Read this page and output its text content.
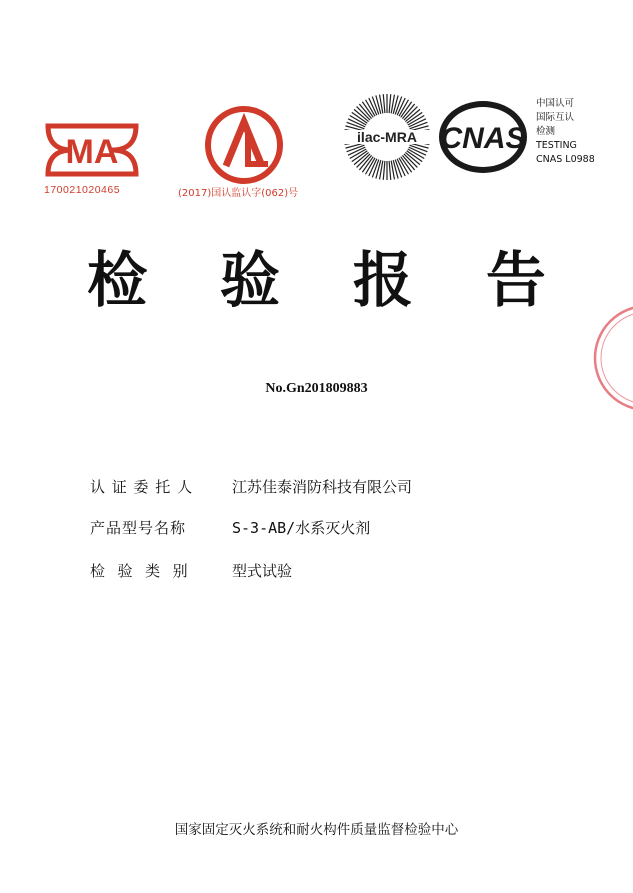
MA
170021020465	(2017)国认监认字(062)号
ilac-MRA CNAS
中国认可
国际互认
检测
TESTING
CNAS L0988
检 验 报 告
No.Gn201809883
认 证 委 托 人	江苏佳泰消防科技有限公司
产品型号名称	S-3-AB/水系灭火剂
检  验  类  别	型式试验
国家固定灭火系统和耐火构件质量监督检验中心
